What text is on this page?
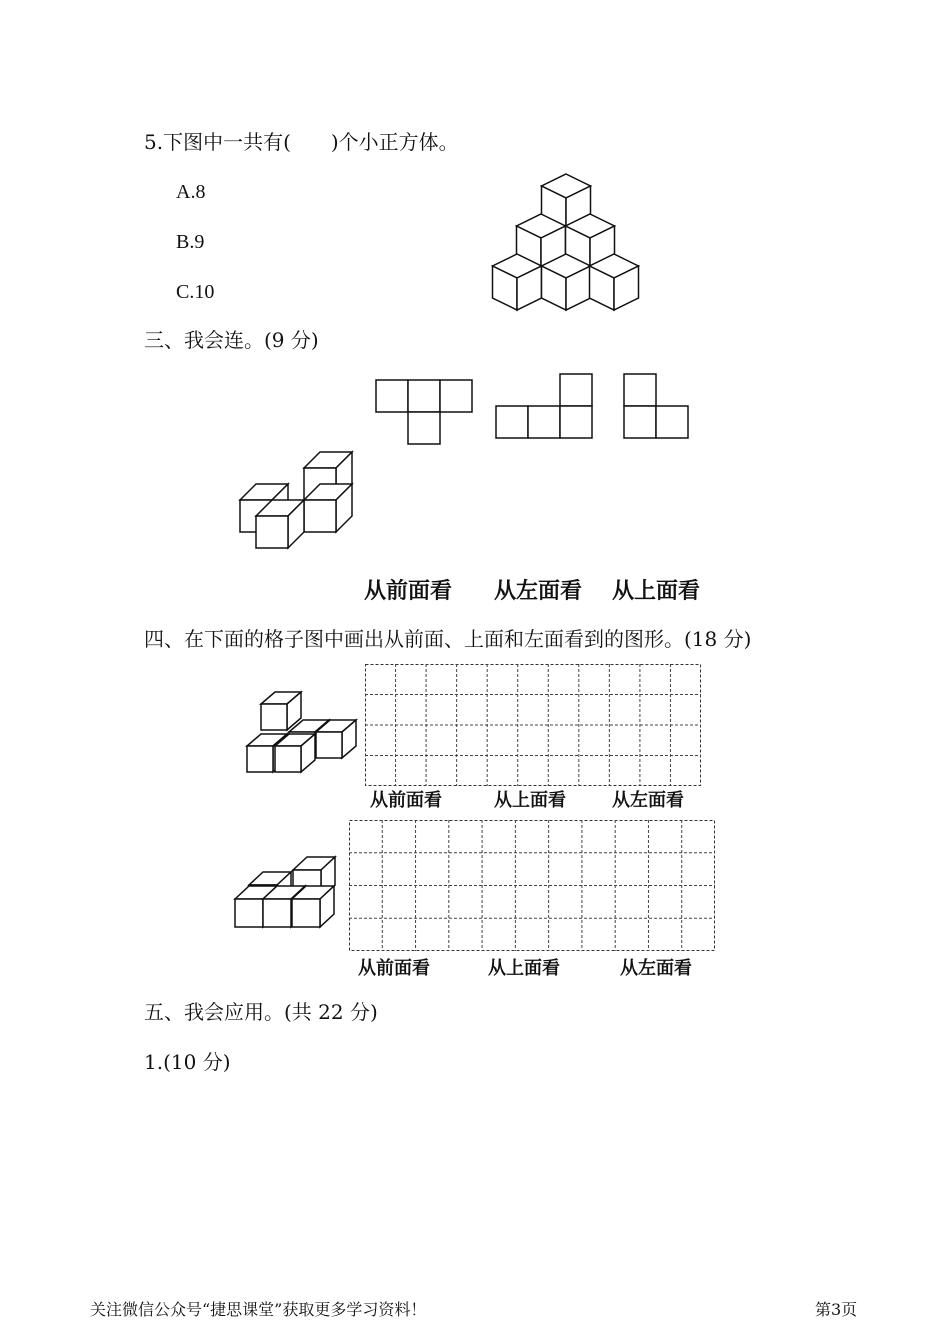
5.下图中一共有(　　)个小正方体。
A.8
B.9
C.10
三、我会连。(9 分)
从前面看 从左面看 从上面看
四、在下面的格子图中画出从前面、上面和左面看到的图形。(18 分)
从前面看	从上面看	从左面看
从前面看	从上面看	从左面看
五、我会应用。(共 22 分)
1.(10 分)
关注微信公众号“捷思课堂”获取更多学习资料！	第3页
